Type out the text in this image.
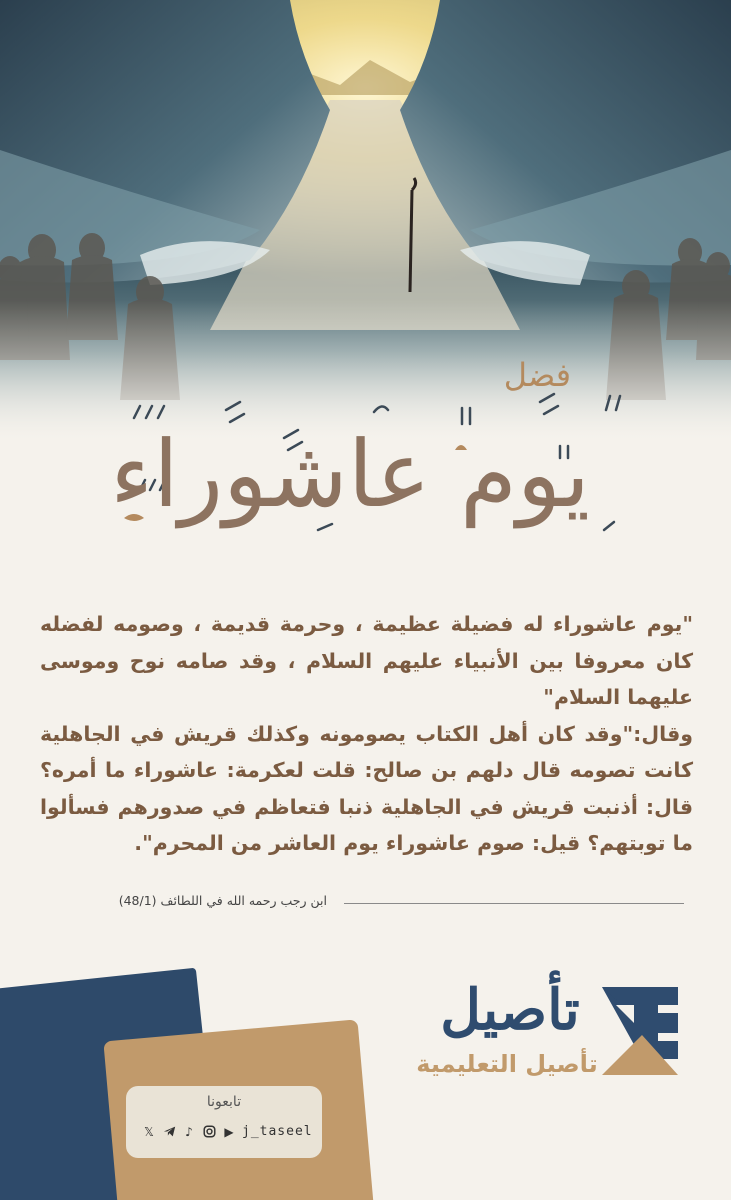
فضل
يوم عاشوراء

"يوم عاشوراء له فضيلة عظيمة ، وحرمة قديمة ، وصومه لفضله كان معروفا بين الأنبياء عليهم السلام ، وقد صامه نوح وموسى عليهما السلام"

وقال:"وقد كان أهل الكتاب يصومونه وكذلك قريش في الجاهلية كانت تصومه قال دلهم بن صالح: قلت لعكرمة: عاشوراء ما أمره؟ قال: أذنبت قريش في الجاهلية ذنبا فتعاظم في صدورهم فسألوا ما توبتهم؟ قيل: صوم عاشوراء يوم العاشر من المحرم".

ابن رجب رحمه الله في اللطائف (48/1)
تابعونا
𝕏	♪	▶ j_taseel
تأصيل
تأصيل التعليمية
